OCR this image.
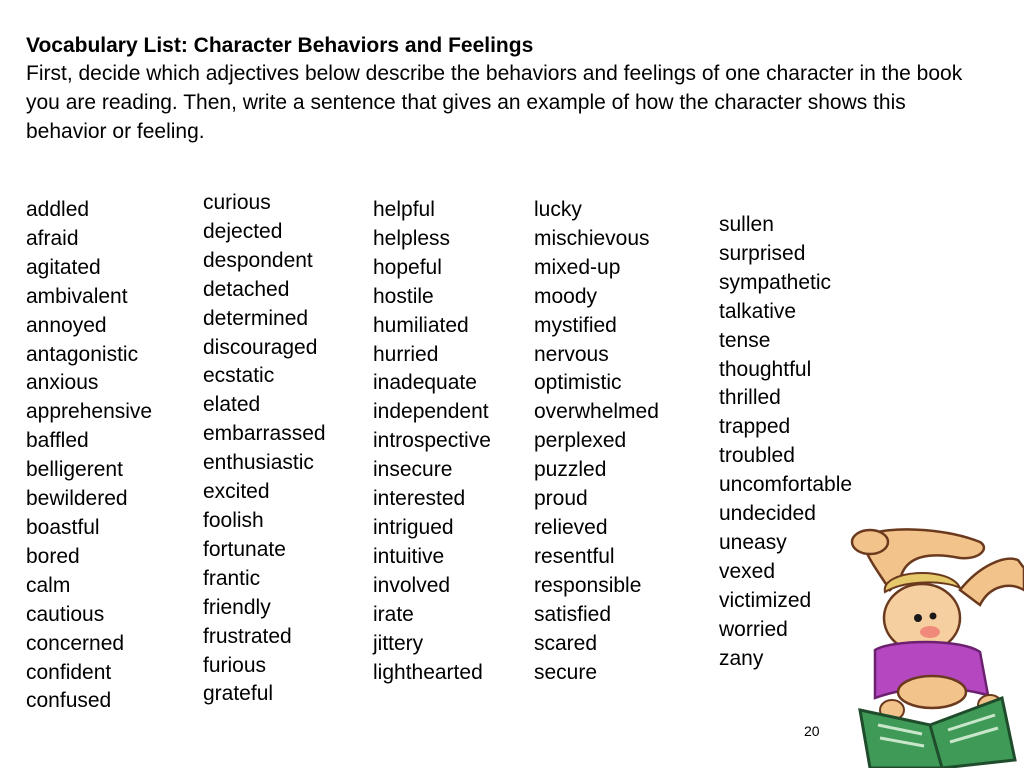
Vocabulary List: Character Behaviors and Feelings
First, decide which adjectives below describe the behaviors and feelings of one character in the book you are reading. Then, write a sentence that gives an example of how the character shows this behavior or feeling.
addled
afraid
agitated
ambivalent
annoyed
antagonistic
anxious
apprehensive
baffled
belligerent
bewildered
boastful
bored
calm
cautious
concerned
confident
confused
curious
dejected
despondent
detached
determined
discouraged
ecstatic
elated
embarrassed
enthusiastic
excited
foolish
fortunate
frantic
friendly
frustrated
furious
grateful
helpful
helpless
hopeful
hostile
humiliated
hurried
inadequate
independent
introspective
insecure
interested
intrigued
intuitive
involved
irate
jittery
lighthearted
lucky
mischievous
mixed-up
moody
mystified
nervous
optimistic
overwhelmed
perplexed
puzzled
proud
relieved
resentful
responsible
satisfied
scared
secure
sullen
surprised
sympathetic
talkative
tense
thoughtful
thrilled
trapped
troubled
uncomfortable
undecided
uneasy
vexed
victimized
worried
zany
20
